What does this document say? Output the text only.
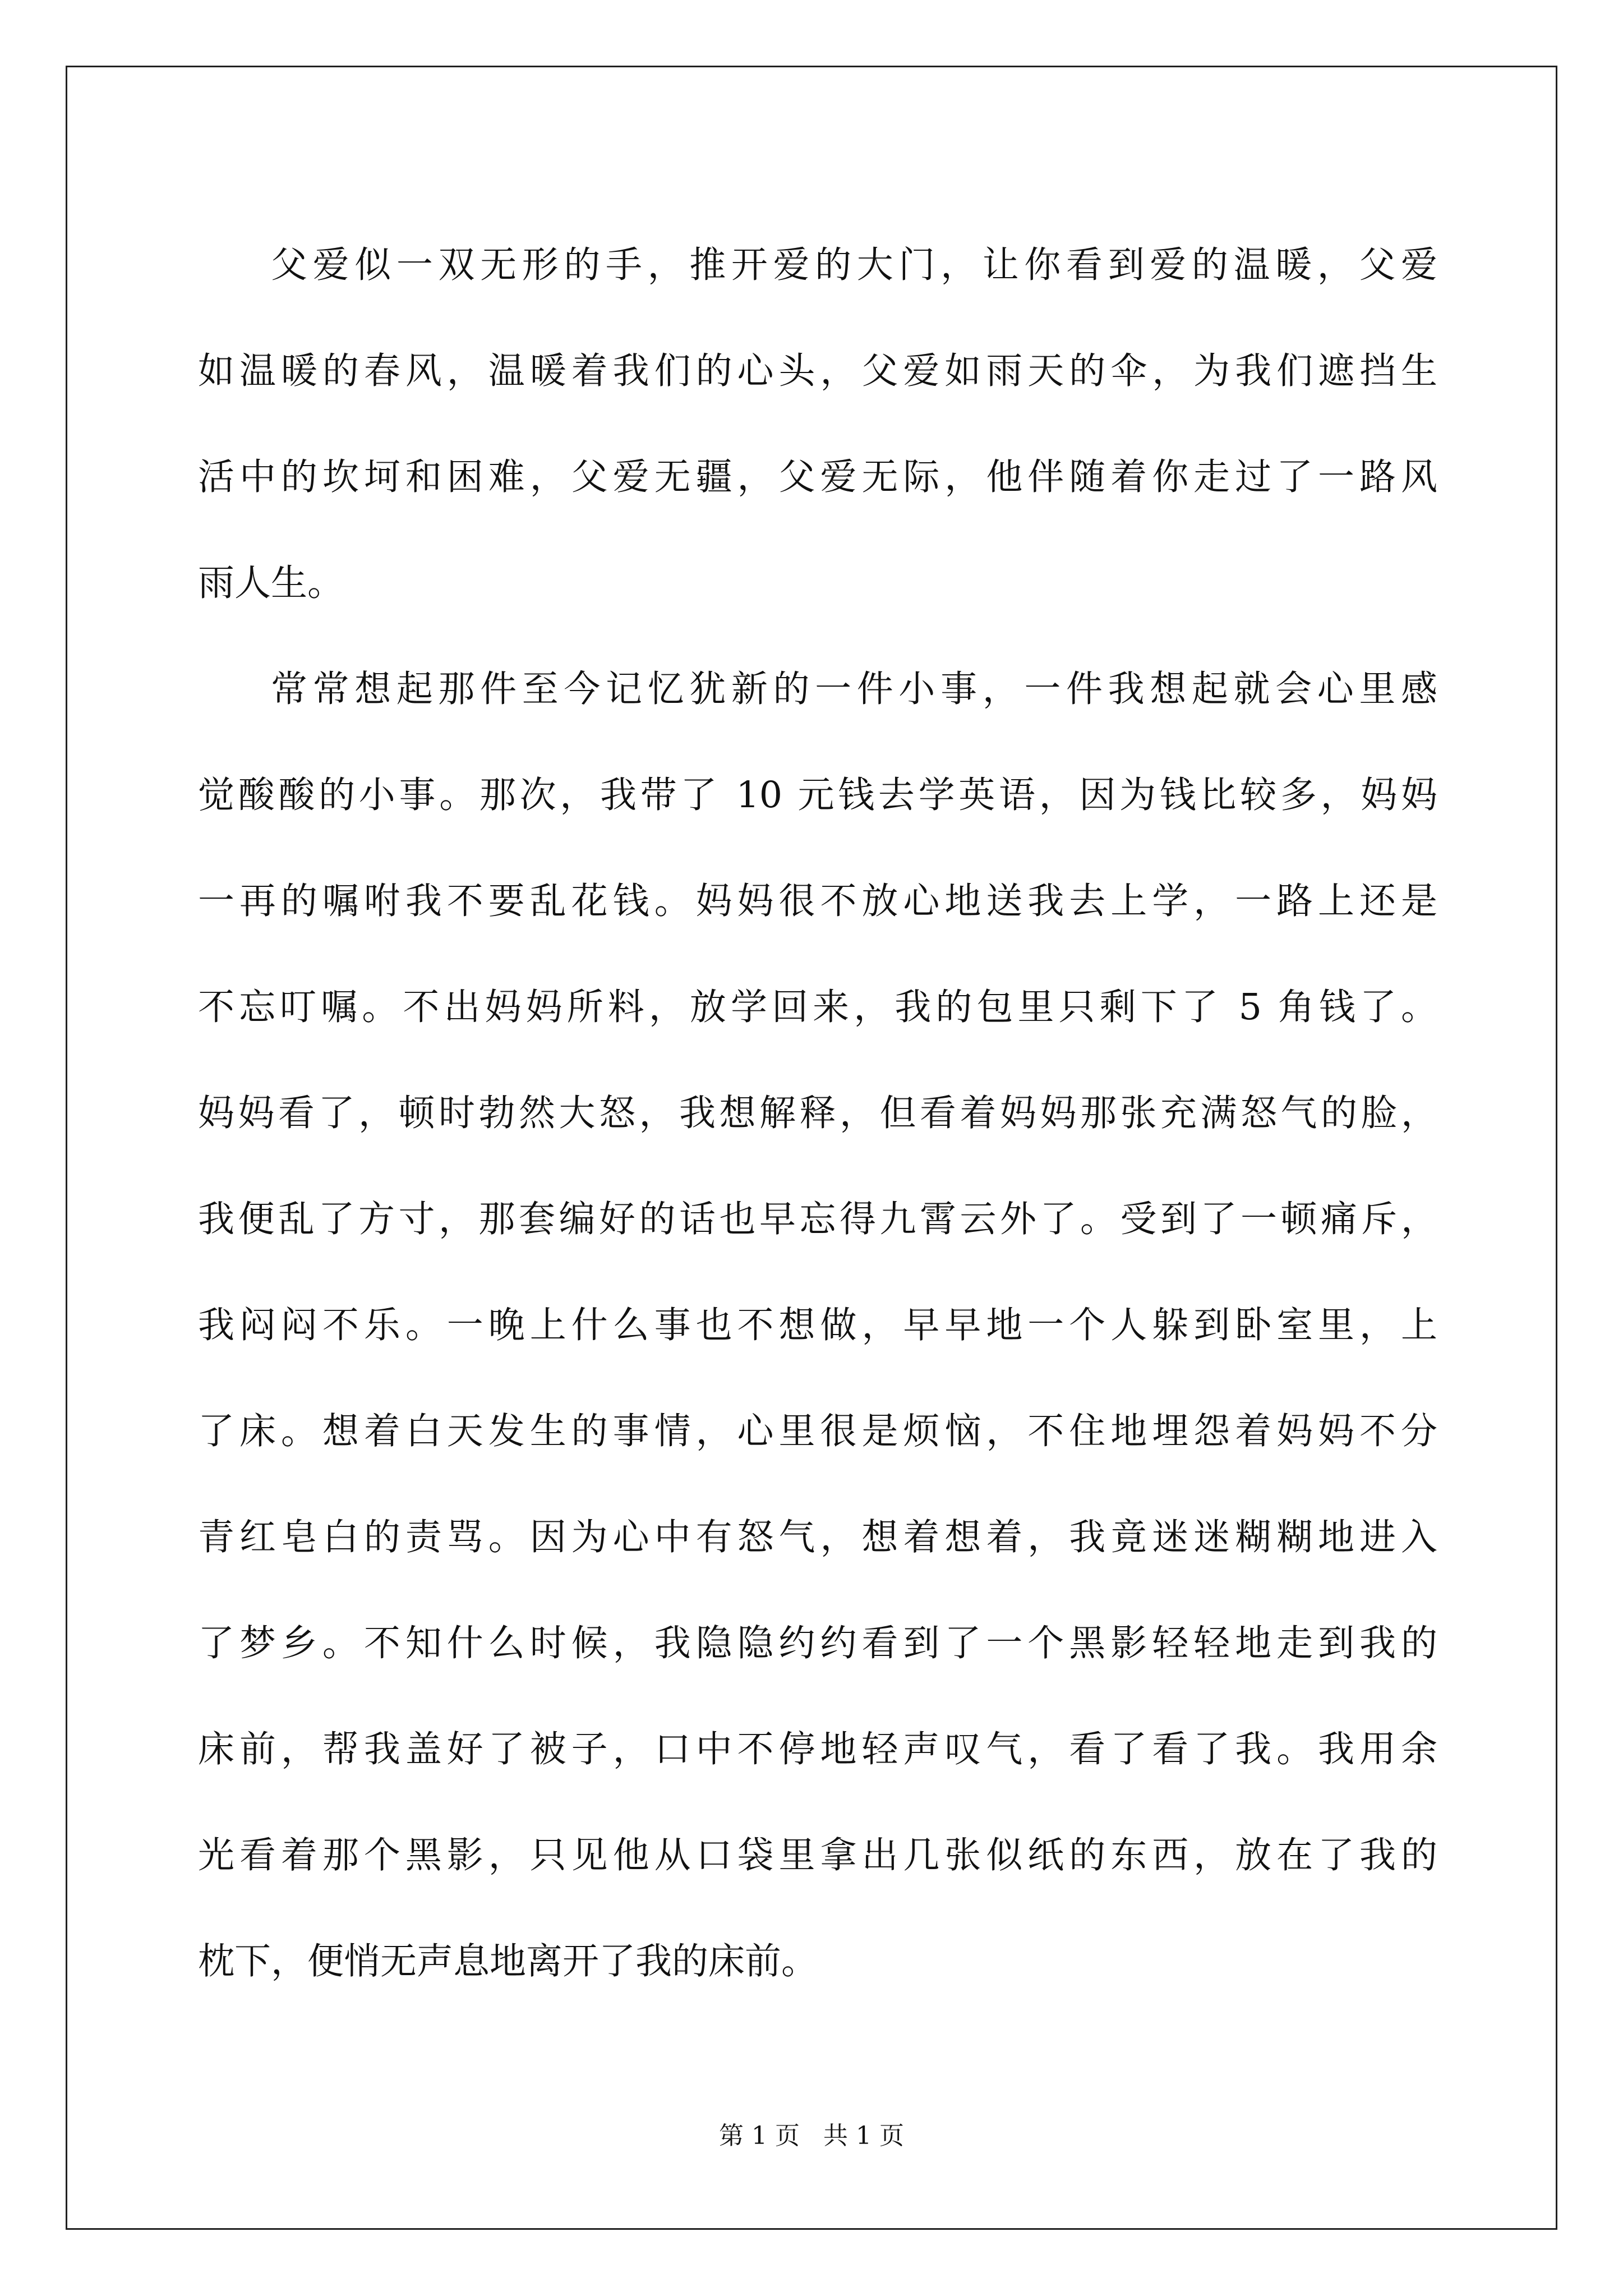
父爱似一双无形的手，推开爱的大门，让你看到爱的温暖，父爱
如温暖的春风，温暖着我们的心头，父爱如雨天的伞，为我们遮挡生
活中的坎坷和困难，父爱无疆，父爱无际，他伴随着你走过了一路风
雨人生。
常常想起那件至今记忆犹新的一件小事，一件我想起就会心里感
觉酸酸的小事。那次，我带了 10 元钱去学英语，因为钱比较多，妈妈
一再的嘱咐我不要乱花钱。妈妈很不放心地送我去上学，一路上还是
不忘叮嘱。不出妈妈所料，放学回来，我的包里只剩下了 5 角钱了。
妈妈看了，顿时勃然大怒，我想解释，但看着妈妈那张充满怒气的脸，
我便乱了方寸，那套编好的话也早忘得九霄云外了。受到了一顿痛斥，
我闷闷不乐。一晚上什么事也不想做，早早地一个人躲到卧室里，上
了床。想着白天发生的事情，心里很是烦恼，不住地埋怨着妈妈不分
青红皂白的责骂。因为心中有怒气，想着想着，我竟迷迷糊糊地进入
了梦乡。不知什么时候，我隐隐约约看到了一个黑影轻轻地走到我的
床前，帮我盖好了被子，口中不停地轻声叹气，看了看了我。我用余
光看着那个黑影，只见他从口袋里拿出几张似纸的东西，放在了我的
枕下，便悄无声息地离开了我的床前。
第 1 页 共 1 页
